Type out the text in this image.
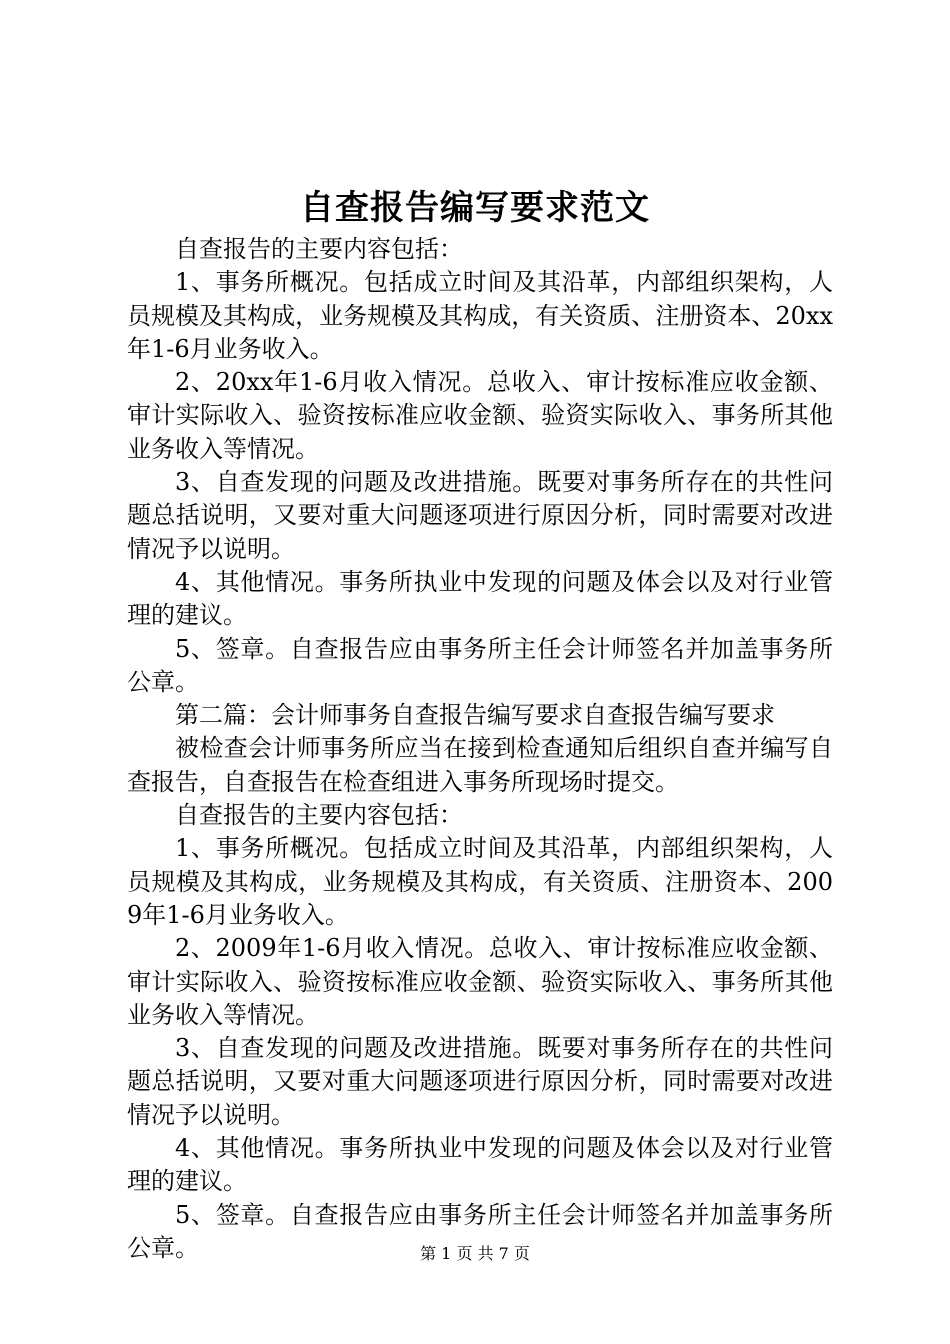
自查报告编写要求范文

自查报告的主要内容包括：

1、事务所概况。包括成立时间及其沿革，内部组织架构，人员规模及其构成，业务规模及其构成，有关资质、注册资本、20xx年1-6月业务收入。

2、20xx年1-6月收入情况。总收入、审计按标准应收金额、审计实际收入、验资按标准应收金额、验资实际收入、事务所其他业务收入等情况。

3、自查发现的问题及改进措施。既要对事务所存在的共性问题总括说明，又要对重大问题逐项进行原因分析，同时需要对改进情况予以说明。

4、其他情况。事务所执业中发现的问题及体会以及对行业管理的建议。

5、签章。自查报告应由事务所主任会计师签名并加盖事务所公章。

第二篇：会计师事务自查报告编写要求自查报告编写要求

被检查会计师事务所应当在接到检查通知后组织自查并编写自查报告，自查报告在检查组进入事务所现场时提交。

自查报告的主要内容包括：

1、事务所概况。包括成立时间及其沿革，内部组织架构，人员规模及其构成，业务规模及其构成，有关资质、注册资本、2009年1-6月业务收入。

2、2009年1-6月收入情况。总收入、审计按标准应收金额、审计实际收入、验资按标准应收金额、验资实际收入、事务所其他业务收入等情况。

3、自查发现的问题及改进措施。既要对事务所存在的共性问题总括说明，又要对重大问题逐项进行原因分析，同时需要对改进情况予以说明。

4、其他情况。事务所执业中发现的问题及体会以及对行业管理的建议。

5、签章。自查报告应由事务所主任会计师签名并加盖事务所公章。	第 1 页 共 7 页
